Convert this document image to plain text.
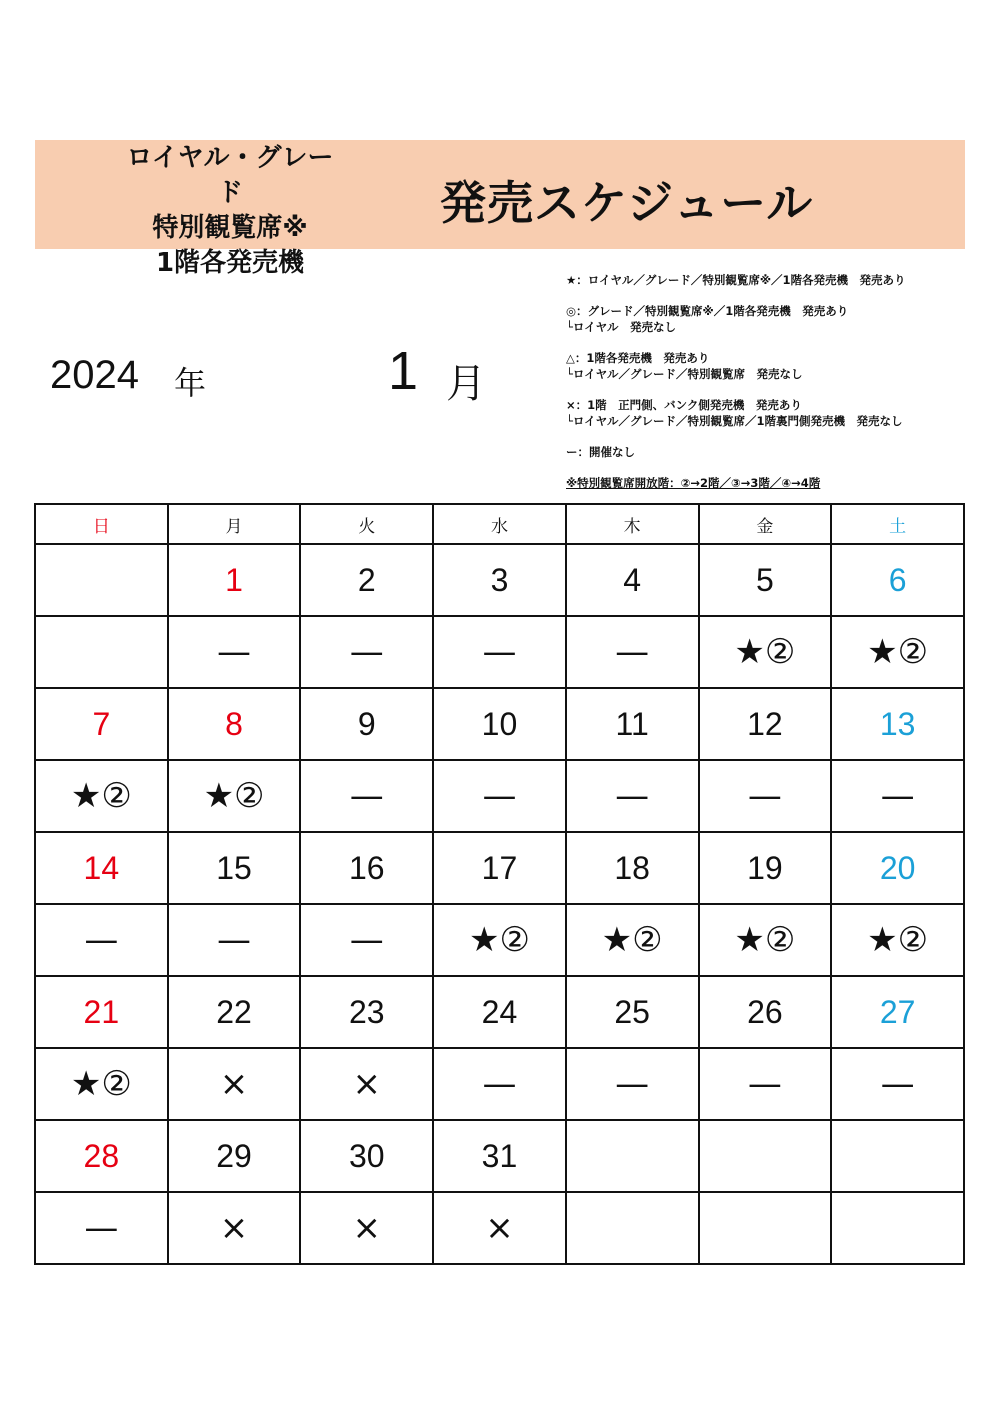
ロイヤル・グレード
特別観覧席※
1階各発売機
発売スケジュール
2024 年	1 月

★：ロイヤル／グレード／特別観覧席※／1階各発売機　発売あり

◎：グレード／特別観覧席※／1階各発売機　発売あり

└ロイヤル　発売なし

△：1階各発売機　発売あり

└ロイヤル／グレード／特別観覧席　発売なし

×：1階　正門側、バンク側発売機　発売あり

└ロイヤル／グレード／特別観覧席／1階裏門側発売機　発売なし

ー：開催なし

※特別観覧席開放階：②→2階／③→3階／④→4階

日	月	火	水	木	金	土
	1	2	3	4	5	6
	—	—	—	—	★②	★②
7	8	9	10	11	12	13
★②	★②	—	—	—	—	—
14	15	16	17	18	19	20
—	—	—	★②	★②	★②	★②
21	22	23	24	25	26	27
★②	×	×	—	—	—	—
28	29	30	31			
—	×	×	×			
